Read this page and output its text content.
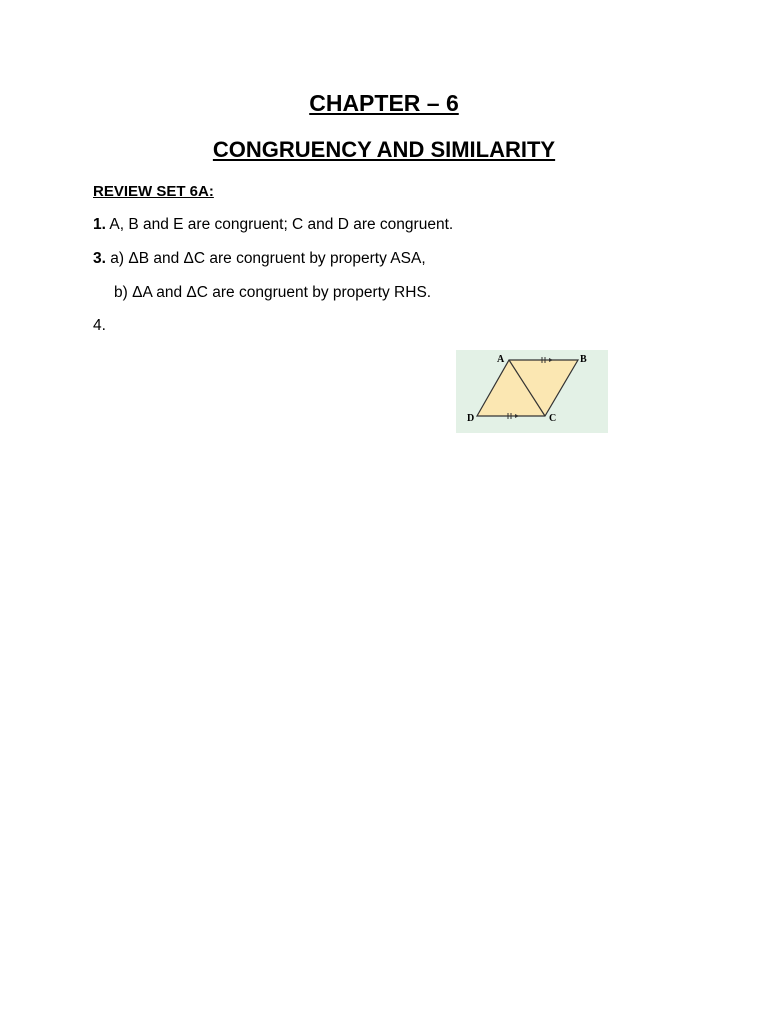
CHAPTER – 6
CONGRUENCY AND SIMILARITY
REVIEW SET 6A:
1. A, B and E are congruent; C and D are congruent.
3. a) ΔB and ΔC are congruent by property ASA,
b) ΔA and ΔC are congruent by property RHS.
4.
A	B
C
D
